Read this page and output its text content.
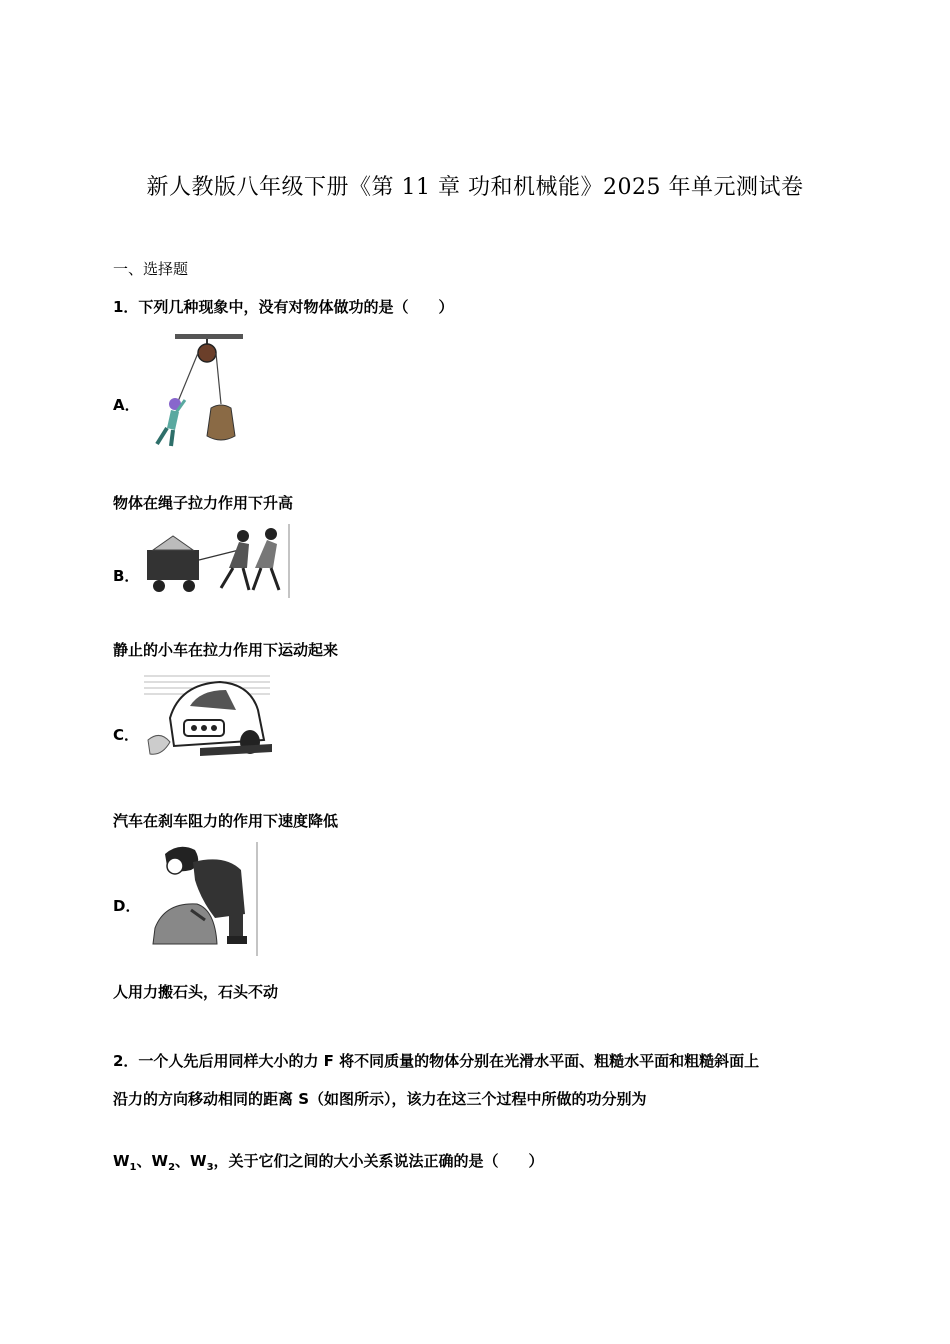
新人教版八年级下册《第 11 章 功和机械能》2025 年单元测试卷
一、选择题
1．下列几种现象中，没有对物体做功的是（　　）
A．
物体在绳子拉力作用下升高
B．
静止的小车在拉力作用下运动起来
C．
汽车在刹车阻力的作用下速度降低
D．
人用力搬石头，石头不动
2．一个人先后用同样大小的力 F 将不同质量的物体分别在光滑水平面、粗糙水平面和粗糙斜面上
沿力的方向移动相同的距离 S（如图所示），该力在这三个过程中所做的功分别为
$W_1$、$W_2$、$W_3$，关于它们之间的大小关系说法正确的是（　　）
